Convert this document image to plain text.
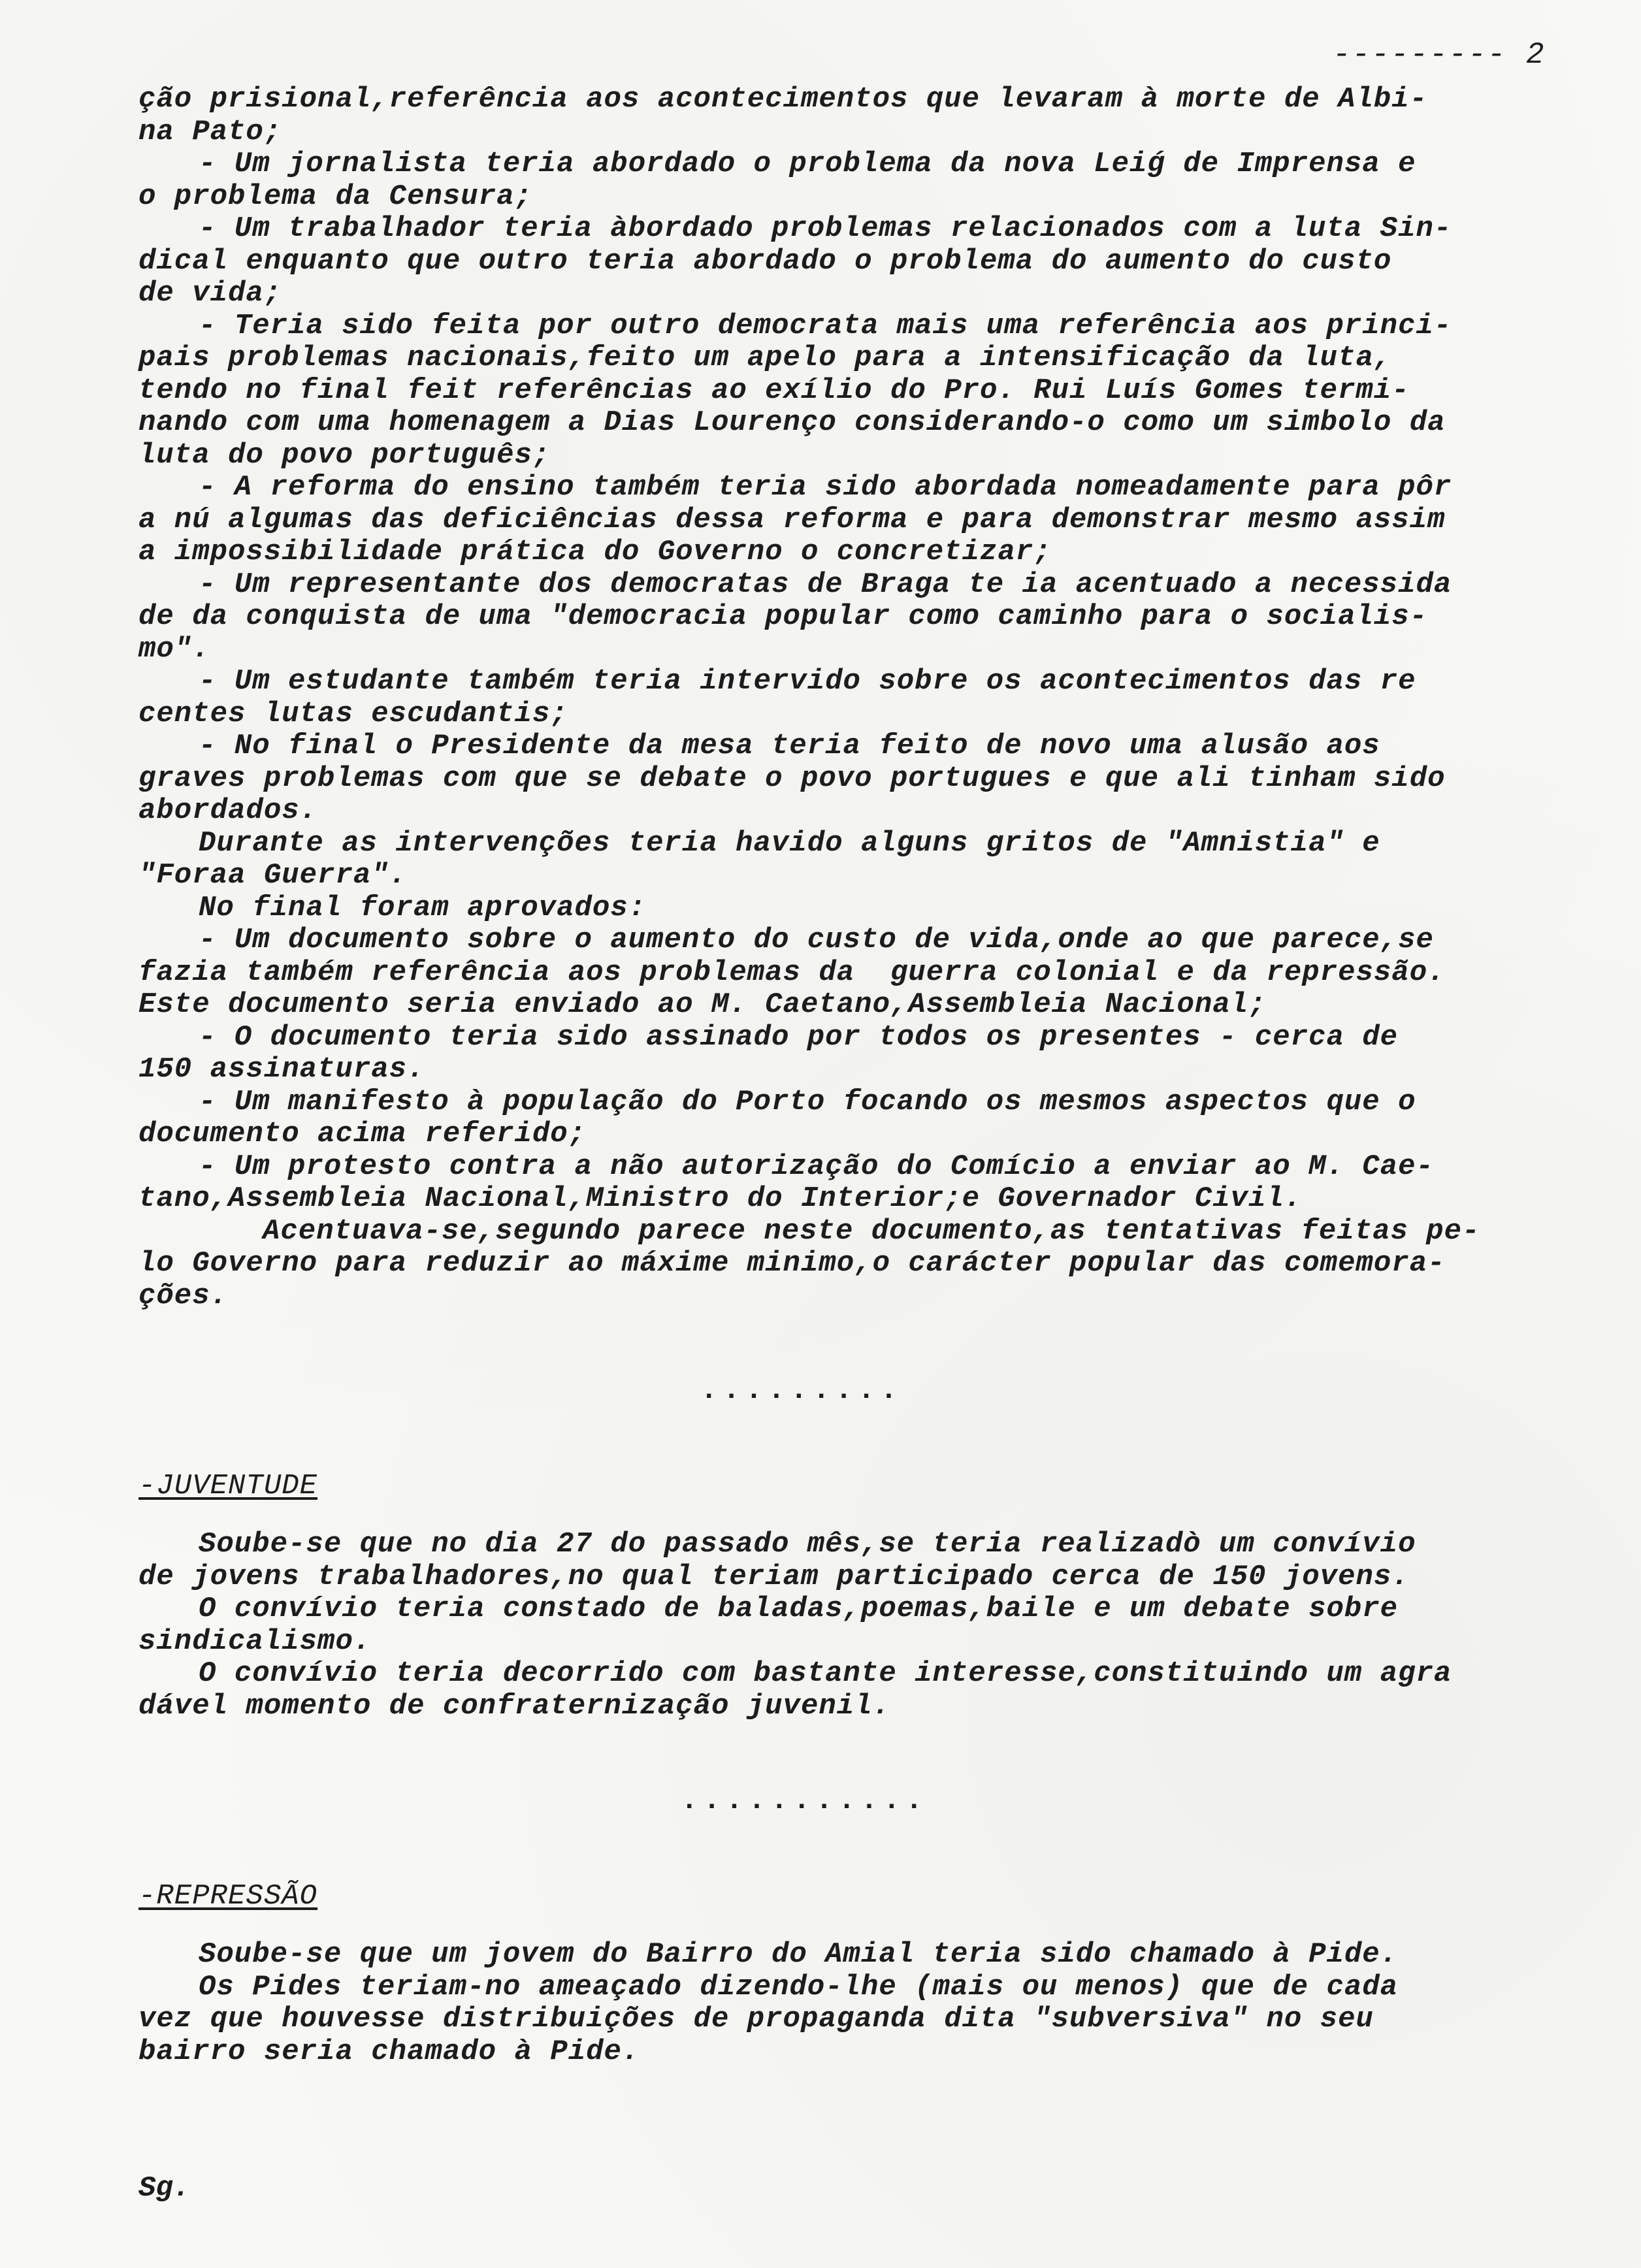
--------- 2
ção prisional,referência aos acontecimentos que levaram à morte de Albi-
na Pato;
- Um jornalista teria abordado o problema da nova Leiǵ de Imprensa e
o problema da Censura;
- Um trabalhador teria àbordado problemas relacionados com a luta Sin-
dical enquanto que outro teria abordado o problema do aumento do custo
de vida;
- Teria sido feita por outro democrata mais uma referência aos princi-
pais problemas nacionais,feito um apelo para a intensificação da luta,
tendo no final feit referências ao exílio do Pro. Rui Luís Gomes termi-
nando com uma homenagem a Dias Lourenço considerando-o como um simbolo da
luta do povo português;
- A reforma do ensino também teria sido abordada nomeadamente para pôr
a nú algumas das deficiências dessa reforma e para demonstrar mesmo assim
a impossibilidade prática do Governo o concretizar;
- Um representante dos democratas de Braga te ia acentuado a necessida
de da conquista de uma "democracia popular como caminho para o socialis-
mo".
- Um estudante também teria intervido sobre os acontecimentos das re
centes lutas escudantis;
- No final o Presidente da mesa teria feito de novo uma alusão aos
graves problemas com que se debate o povo portugues e que ali tinham sido
abordados.
Durante as intervenções teria havido alguns gritos de "Amnistia" e
"Foraa Guerra".
No final foram aprovados:
- Um documento sobre o aumento do custo de vida,onde ao que parece,se
fazia também referência aos problemas da  guerra colonial e da repressão.
Este documento seria enviado ao M. Caetano,Assembleia Nacional;
- O documento teria sido assinado por todos os presentes - cerca de
150 assinaturas.
- Um manifesto à população do Porto focando os mesmos aspectos que o
documento acima referido;
- Um protesto contra a não autorização do Comício a enviar ao M. Cae-
tano,Assembleia Nacional,Ministro do Interior;e Governador Civil.
Acentuava-se,segundo parece neste documento,as tentativas feitas pe-
lo Governo para reduzir ao máxime minimo,o carácter popular das comemora-
ções.
.........
-JUVENTUDE
Soube-se que no dia 27 do passado mês,se teria realizadò um convívio
de jovens trabalhadores,no qual teriam participado cerca de 150 jovens.
O convívio teria constado de baladas,poemas,baile e um debate sobre
sindicalismo.
O convívio teria decorrido com bastante interesse,constituindo um agra
dável momento de confraternização juvenil.
...........
-REPRESSÃO
Soube-se que um jovem do Bairro do Amial teria sido chamado à Pide.
Os Pides teriam-no ameaçado dizendo-lhe (mais ou menos) que de cada
vez que houvesse distribuições de propaganda dita "subversiva" no seu
bairro seria chamado à Pide.
Sg.
